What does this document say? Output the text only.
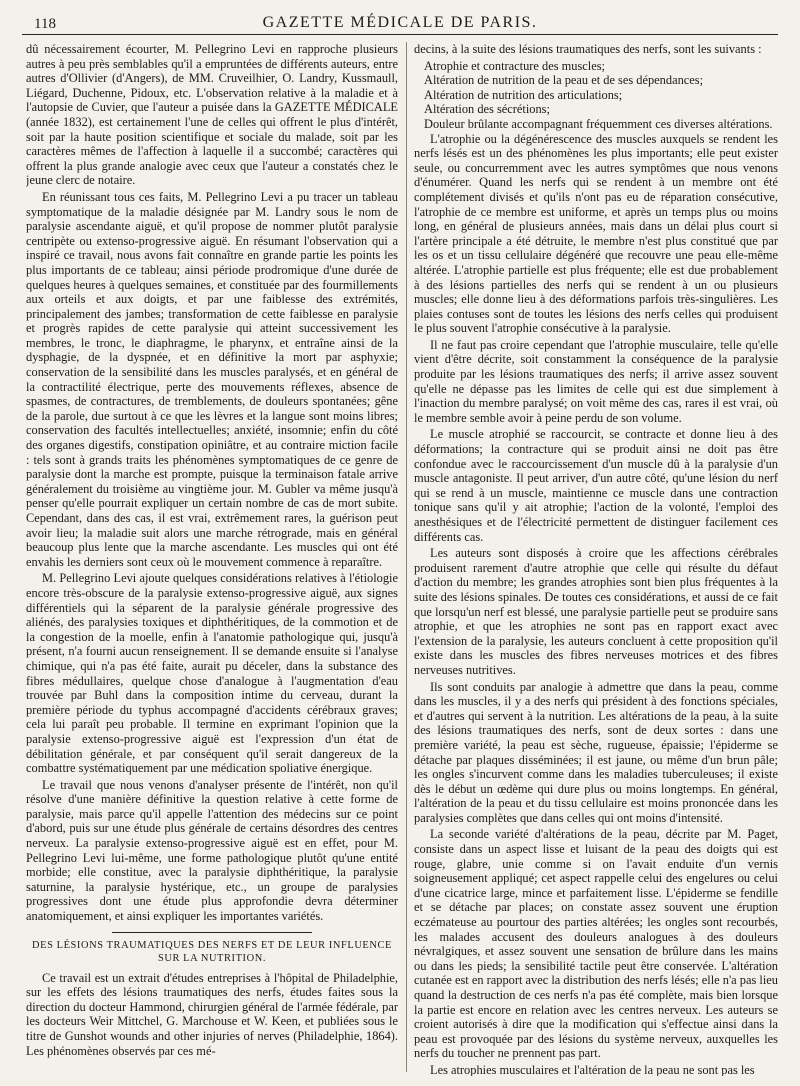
118	GAZETTE MÉDICALE DE PARIS.

dû nécessairement écourter, M. Pellegrino Levi en rapproche plusieurs autres à peu près semblables qu'il a empruntées de différents auteurs, entre autres d'Ollivier (d'Angers), de MM. Cruveilhier, O. Landry, Kussmaull, Liégard, Duchenne, Pidoux, etc. L'observation relative à la maladie et à l'autopsie de Cuvier, que l'auteur a puisée dans la GAZETTE MÉDICALE (année 1832), est certainement l'une de celles qui offrent le plus d'intérêt, soit par la haute position scientifique et sociale du malade, soit par les caractères mêmes de l'affection à laquelle il a succombé; caractères qui offrent la plus grande analogie avec ceux que l'auteur a constatés chez le jeune clerc de notaire.

En réunissant tous ces faits, M. Pellegrino Levi a pu tracer un tableau symptomatique de la maladie désignée par M. Landry sous le nom de paralysie ascendante aiguë, et qu'il propose de nommer plutôt paralysie centripète ou extenso-progressive aiguë. En résumant l'observation qui a inspiré ce travail, nous avons fait connaître en grande partie les points les plus importants de ce tableau; ainsi période prodromique d'une durée de quelques heures à quelques semaines, et constituée par des fourmillements aux orteils et aux doigts, et par une faiblesse des extrémités, principalement des jambes; transformation de cette faiblesse en paralysie et progrès rapides de cette paralysie qui atteint successivement les membres, le tronc, le diaphragme, le pharynx, et entraîne ainsi de la dysphagie, de la dyspnée, et en définitive la mort par asphyxie; conservation de la sensibilité dans les muscles paralysés, et en général de la contractilité électrique, perte des mouvements réflexes, absence de spasmes, de contractures, de tremblements, de douleurs spontanées; gêne de la parole, due surtout à ce que les lèvres et la langue sont moins libres; conservation des facultés intellectuelles; anxiété, insomnie; enfin du côté des organes digestifs, constipation opiniâtre, et au contraire miction facile : tels sont à grands traits les phénomènes symptomatiques de ce genre de paralysie dont la marche est prompte, puisque la terminaison fatale arrive généralement du troisième au vingtième jour. M. Gubler va même jusqu'à penser qu'elle pourrait expliquer un certain nombre de cas de mort subite. Cependant, dans des cas, il est vrai, extrêmement rares, la guérison peut avoir lieu; la maladie suit alors une marche rétrograde, mais en général beaucoup plus lente que la marche ascendante. Les muscles qui ont été envahis les derniers sont ceux où le mouvement commence à reparaître.

M. Pellegrino Levi ajoute quelques considérations relatives à l'étiologie encore très-obscure de la paralysie extenso-progressive aiguë, aux signes différentiels qui la séparent de la paralysie générale progressive des aliénés, des paralysies toxiques et diphthéritiques, de la commotion et de la congestion de la moelle, enfin à l'anatomie pathologique qui, jusqu'à présent, n'a fourni aucun renseignement. Il se demande ensuite si l'analyse chimique, qui n'a pas été faite, aurait pu déceler, dans la substance des fibres médullaires, quelque chose d'analogue à l'augmentation d'eau trouvée par Buhl dans la composition intime du cerveau, durant la première période du typhus accompagné d'accidents cérébraux graves; cela lui paraît peu probable. Il termine en exprimant l'opinion que la paralysie extenso-progressive aiguë est l'expression d'un état de débilitation générale, et par conséquent qu'il serait dangereux de la combattre systématiquement par une médication spoliative énergique.

Le travail que nous venons d'analyser présente de l'intérêt, non qu'il résolve d'une manière définitive la question relative à cette forme de paralysie, mais parce qu'il appelle l'attention des médecins sur ce point d'abord, puis sur une étude plus générale de certains désordres des centres nerveux. La paralysie extenso-progressive aiguë est en effet, pour M. Pellegrino Levi lui-même, une forme pathologique plutôt qu'une entité morbide; elle constitue, avec la paralysie diphthéritique, la paralysie saturnine, la paralysie hystérique, etc., un groupe de paralysies progressives dont une étude plus approfondie devra déterminer anatomiquement, et ainsi expliquer les importantes variétés.

DES LÉSIONS TRAUMATIQUES DES NERFS ET DE LEUR INFLUENCE SUR LA NUTRITION.

Ce travail est un extrait d'études entreprises à l'hôpital de Philadelphie, sur les effets des lésions traumatiques des nerfs, études faites sous la direction du docteur Hammond, chirurgien général de l'armée fédérale, par les docteurs Weir Mittchel, G. Marchouse et W. Keen, et publiées sous le titre de Gunshot wounds and other injuries of nerves (Philadelphie, 1864). Les phénomènes observés par ces mé-

decins, à la suite des lésions traumatiques des nerfs, sont les suivants :

Atrophie et contracture des muscles;

Altération de nutrition de la peau et de ses dépendances;

Altération de nutrition des articulations;

Altération des sécrétions;

Douleur brûlante accompagnant fréquemment ces diverses altérations.

L'atrophie ou la dégénérescence des muscles auxquels se rendent les nerfs lésés est un des phénomènes les plus importants; elle peut exister seule, ou concurremment avec les autres symptômes que nous venons d'énumérer. Quand les nerfs qui se rendent à un membre ont été complétement divisés et qu'ils n'ont pas eu de réparation consécutive, l'atrophie de ce membre est uniforme, et après un temps plus ou moins long, en général de plusieurs années, mais dans un délai plus court si l'artère principale a été détruite, le membre n'est plus constitué que par les os et un tissu cellulaire dégénéré que recouvre une peau elle-même altérée. L'atrophie partielle est plus fréquente; elle est due probablement à des lésions partielles des nerfs qui se rendent à un ou plusieurs muscles; elle donne lieu à des déformations parfois très-singulières. Les plaies contuses sont de toutes les lésions des nerfs celles qui produisent le plus souvent l'atrophie consécutive à la paralysie.

Il ne faut pas croire cependant que l'atrophie musculaire, telle qu'elle vient d'être décrite, soit constamment la conséquence de la paralysie produite par les lésions traumatiques des nerfs; il arrive assez souvent qu'elle ne dépasse pas les limites de celle qui est due simplement à l'inaction du membre paralysé; on voit même des cas, rares il est vrai, où le membre semble avoir à peine perdu de son volume.

Le muscle atrophié se raccourcit, se contracte et donne lieu à des déformations; la contracture qui se produit ainsi ne doit pas être confondue avec le raccourcissement d'un muscle dû à la paralysie d'un muscle antagoniste. Il peut arriver, d'un autre côté, qu'une lésion du nerf qui se rend à un muscle, maintienne ce muscle dans une contraction tonique sans qu'il y ait atrophie; l'action de la volonté, l'emploi des anesthésiques et de l'électricité permettent de distinguer facilement ces différents cas.

Les auteurs sont disposés à croire que les affections cérébrales produisent rarement d'autre atrophie que celle qui résulte du défaut d'action du membre; les grandes atrophies sont bien plus fréquentes à la suite des lésions spinales. De toutes ces considérations, et aussi de ce fait que lorsqu'un nerf est blessé, une paralysie partielle peut se produire sans atrophie, et que les atrophies ne sont pas en rapport exact avec l'extension de la paralysie, les auteurs concluent à cette proposition qu'il existe dans les muscles des fibres nerveuses motrices et des fibres nerveuses nutritives.

Ils sont conduits par analogie à admettre que dans la peau, comme dans les muscles, il y a des nerfs qui président à des fonctions spéciales, et d'autres qui servent à la nutrition. Les altérations de la peau, à la suite des lésions traumatiques des nerfs, sont de deux sortes : dans une première variété, la peau est sèche, rugueuse, épaissie; l'épiderme se détache par plaques disséminées; il est jaune, ou même d'un brun pâle; les ongles s'incurvent comme dans les maladies tuberculeuses; il existe dès le début un œdème qui dure plus ou moins longtemps. En général, l'altération de la peau et du tissu cellulaire est moins prononcée dans les paralysies complètes que dans celles qui ont moins d'intensité.

La seconde variété d'altérations de la peau, décrite par M. Paget, consiste dans un aspect lisse et luisant de la peau des doigts qui est rouge, glabre, unie comme si on l'avait enduite d'un vernis soigneusement appliqué; cet aspect rappelle celui des engelures ou celui d'une cicatrice large, mince et parfaitement lisse. L'épiderme se fendille et se détache par places; on constate assez souvent une éruption eczémateuse au pourtour des parties altérées; les ongles sont recourbés, les malades accusent des douleurs analogues à des douleurs névralgiques, et assez souvent une sensation de brûlure dans les mains ou dans les pieds; la sensibilité tactile peut être conservée. L'altération cutanée est en rapport avec la distribution des nerfs lésés; elle n'a pas lieu quand la destruction de ces nerfs n'a pas été complète, mais bien lorsque la partie est encore en relation avec les centres nerveux. Les auteurs se croient autorisés à dire que la modification qui s'effectue ainsi dans la peau est provoquée par des lésions du système nerveux, auxquelles les nerfs du toucher ne prennent pas part.

Les atrophies musculaires et l'altération de la peau ne sont pas les
